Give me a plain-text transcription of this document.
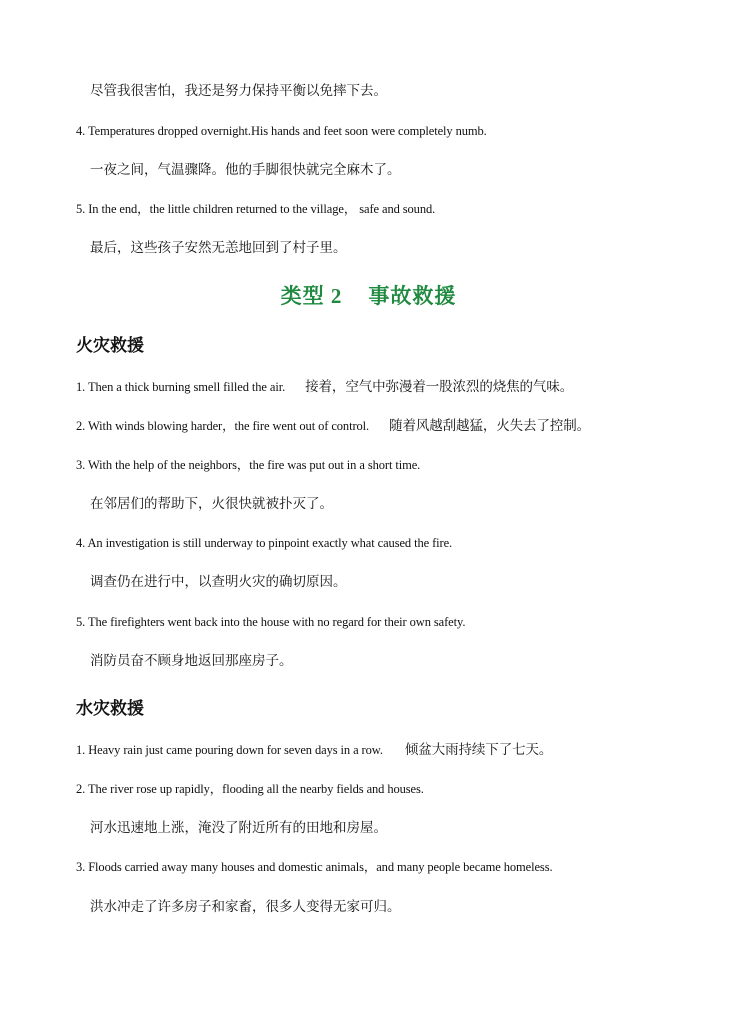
尽管我很害怕，我还是努力保持平衡以免摔下去。
4. Temperatures dropped overnight.His hands and feet soon were completely numb.
一夜之间，气温骤降。他的手脚很快就完全麻木了。
5. In the end，the little children returned to the village， safe and sound.
最后，这些孩子安然无恙地回到了村子里。
类型 2 事故救援
火灾救援
1. Then a thick burning smell filled the air. 接着，空气中弥漫着一股浓烈的烧焦的气味。
2. With winds blowing harder，the fire went out of control. 随着风越刮越猛，火失去了控制。
3. With the help of the neighbors，the fire was put out in a short time.
在邻居们的帮助下，火很快就被扑灭了。
4. An investigation is still underway to pinpoint exactly what caused the fire.
调查仍在进行中，以查明火灾的确切原因。
5. The firefighters went back into the house with no regard for their own safety.
消防员奋不顾身地返回那座房子。
水灾救援
1. Heavy rain just came pouring down for seven days in a row. 倾盆大雨持续下了七天。
2. The river rose up rapidly，flooding all the nearby fields and houses.
河水迅速地上涨，淹没了附近所有的田地和房屋。
3. Floods carried away many houses and domestic animals，and many people became homeless.
洪水冲走了许多房子和家畜，很多人变得无家可归。
